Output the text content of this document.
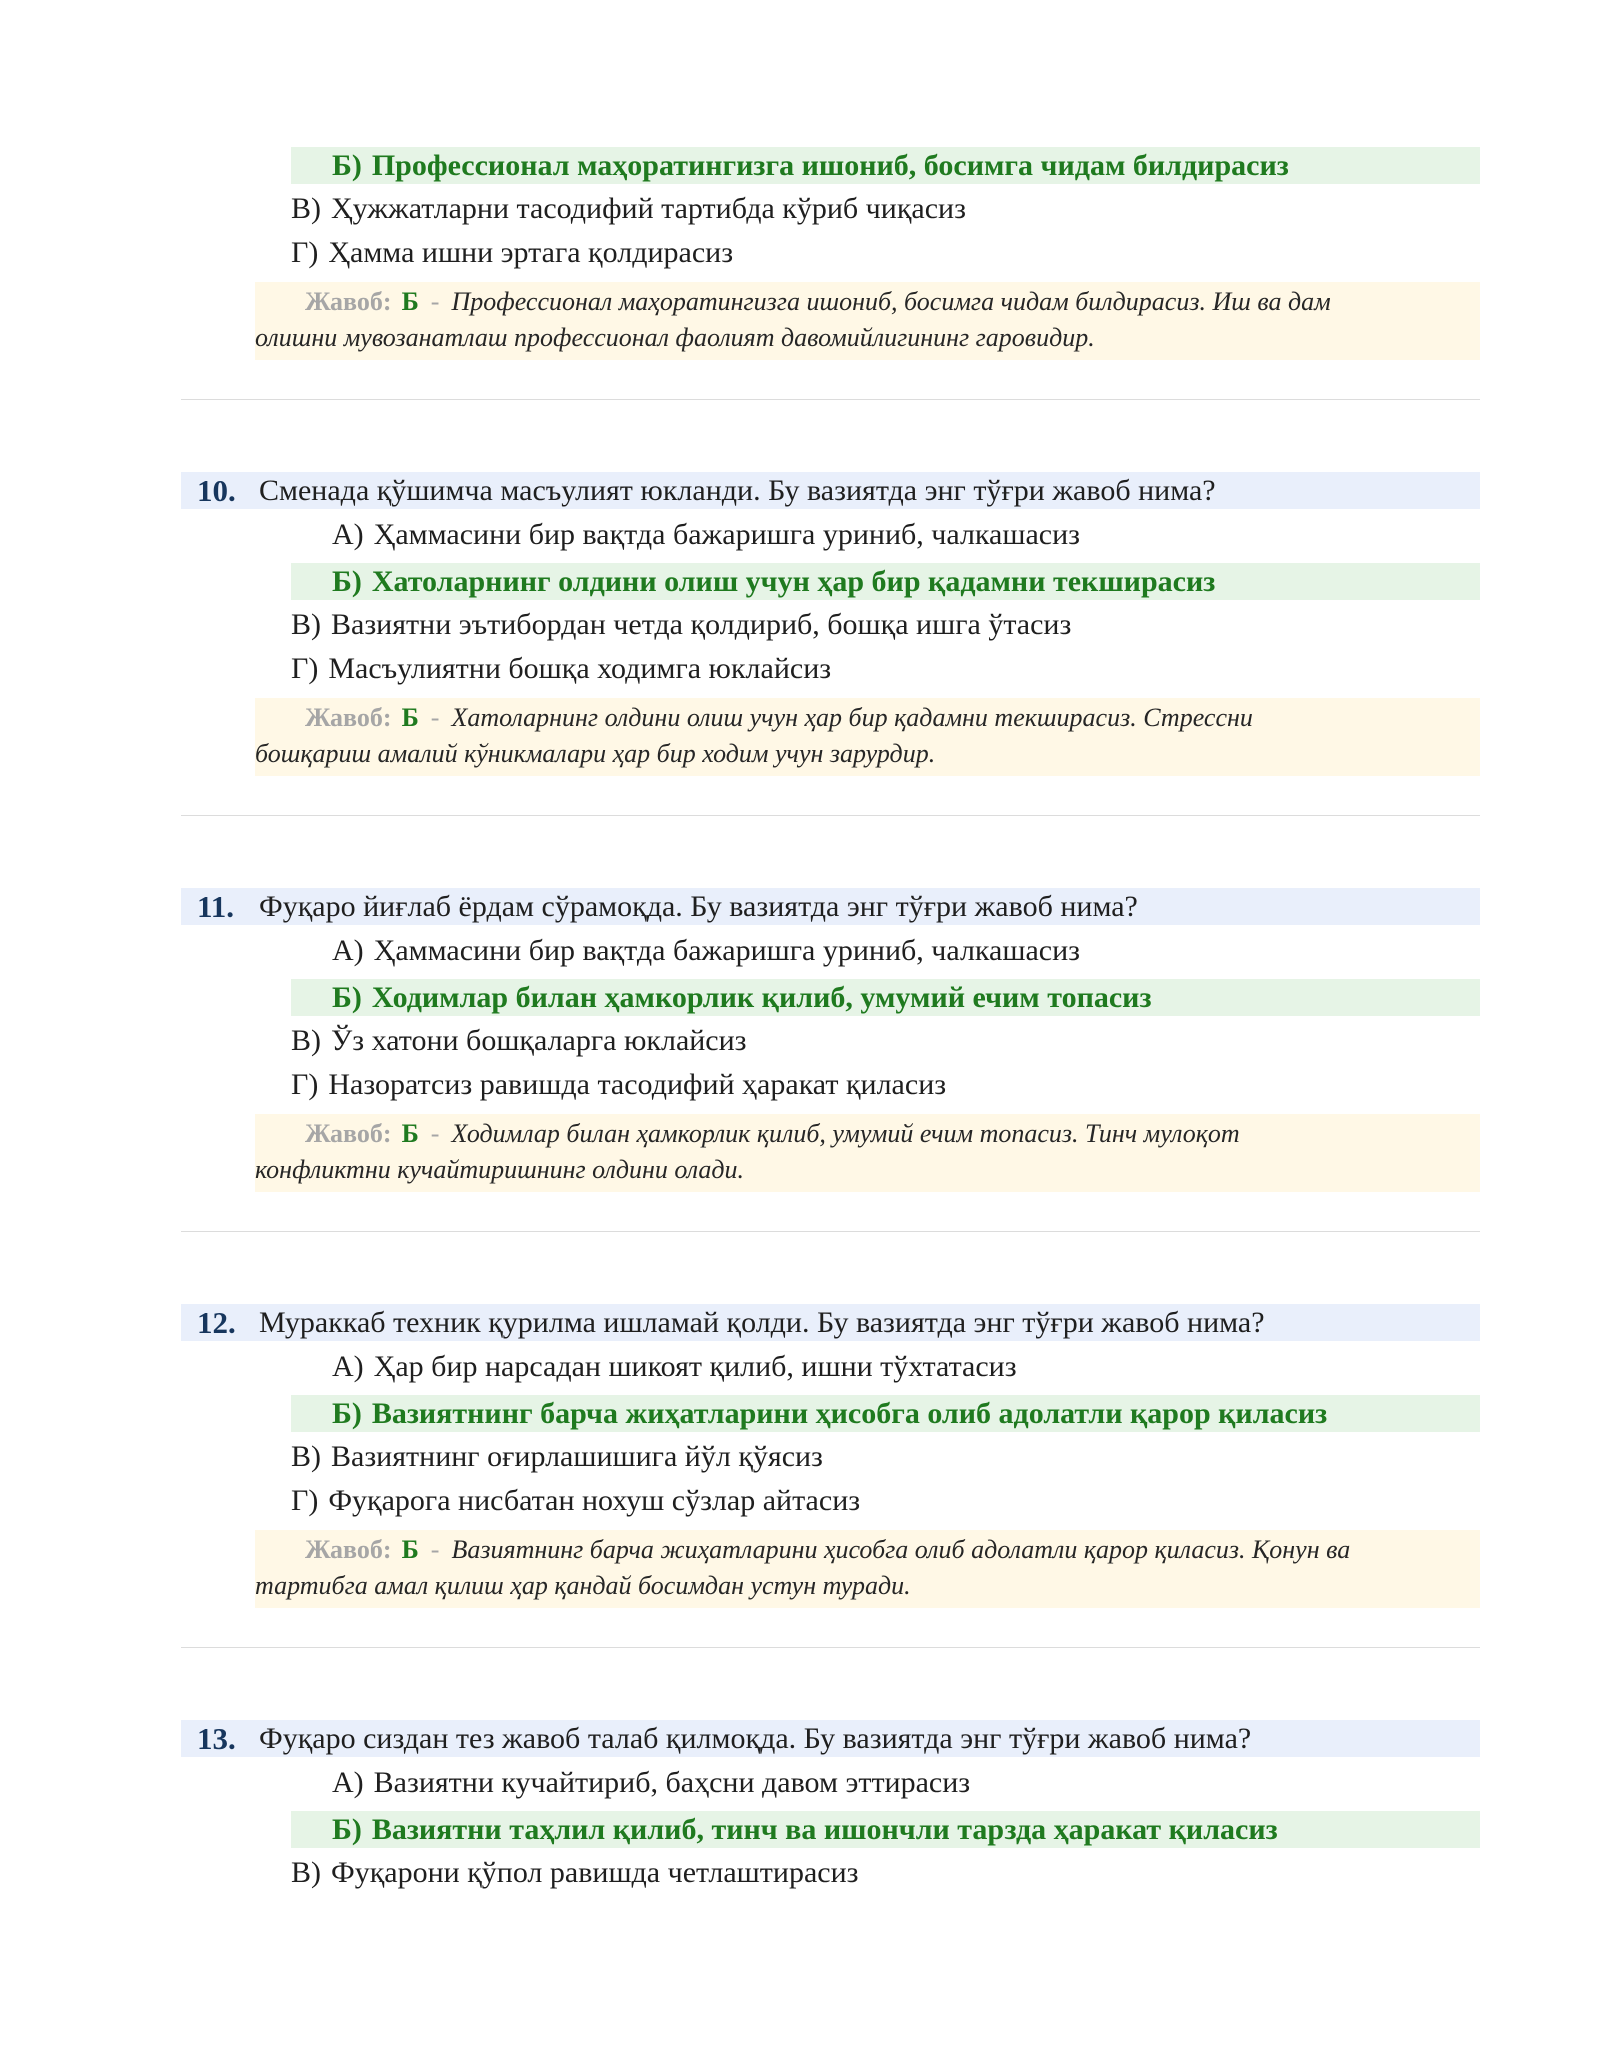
Б) Профессионал маҳоратингизга ишониб, босимга чидам билдирасиз
В) Ҳужжатларни тасодифий тартибда кўриб чиқасиз
Г) Ҳамма ишни эртага қолдирасиз
Жавоб: Б - Профессионал маҳоратингизга ишониб, босимга чидам билдирасиз. Иш ва дам
олишни мувозанатлаш профессионал фаолият давомийлигининг гаровидир.
10. Сменада қўшимча масъулият юкланди. Бу вазиятда энг тўғри жавоб нима?
А) Ҳаммасини бир вақтда бажаришга уриниб, чалкашасиз
Б) Хатоларнинг олдини олиш учун ҳар бир қадамни текширасиз
В) Вазиятни эътибордан четда қолдириб, бошқа ишга ўтасиз
Г) Масъулиятни бошқа ходимга юклайсиз
Жавоб: Б - Хатоларнинг олдини олиш учун ҳар бир қадамни текширасиз. Стрессни
бошқариш амалий кўникмалари ҳар бир ходим учун зарурдир.
11. Фуқаро йиғлаб ёрдам сўрамоқда. Бу вазиятда энг тўғри жавоб нима?
А) Ҳаммасини бир вақтда бажаришга уриниб, чалкашасиз
Б) Ходимлар билан ҳамкорлик қилиб, умумий ечим топасиз
В) Ўз хатони бошқаларга юклайсиз
Г) Назоратсиз равишда тасодифий ҳаракат қиласиз
Жавоб: Б - Ходимлар билан ҳамкорлик қилиб, умумий ечим топасиз. Тинч мулоқот
конфликтни кучайтиришнинг олдини олади.
12. Мураккаб техник қурилма ишламай қолди. Бу вазиятда энг тўғри жавоб нима?
А) Ҳар бир нарсадан шикоят қилиб, ишни тўхтатасиз
Б) Вазиятнинг барча жиҳатларини ҳисобга олиб адолатли қарор қиласиз
В) Вазиятнинг оғирлашишига йўл қўясиз
Г) Фуқарога нисбатан нохуш сўзлар айтасиз
Жавоб: Б - Вазиятнинг барча жиҳатларини ҳисобга олиб адолатли қарор қиласиз. Қонун ва
тартибга амал қилиш ҳар қандай босимдан устун туради.
13. Фуқаро сиздан тез жавоб талаб қилмоқда. Бу вазиятда энг тўғри жавоб нима?
А) Вазиятни кучайтириб, баҳсни давом эттирасиз
Б) Вазиятни таҳлил қилиб, тинч ва ишончли тарзда ҳаракат қиласиз
В) Фуқарони қўпол равишда четлаштирасиз
